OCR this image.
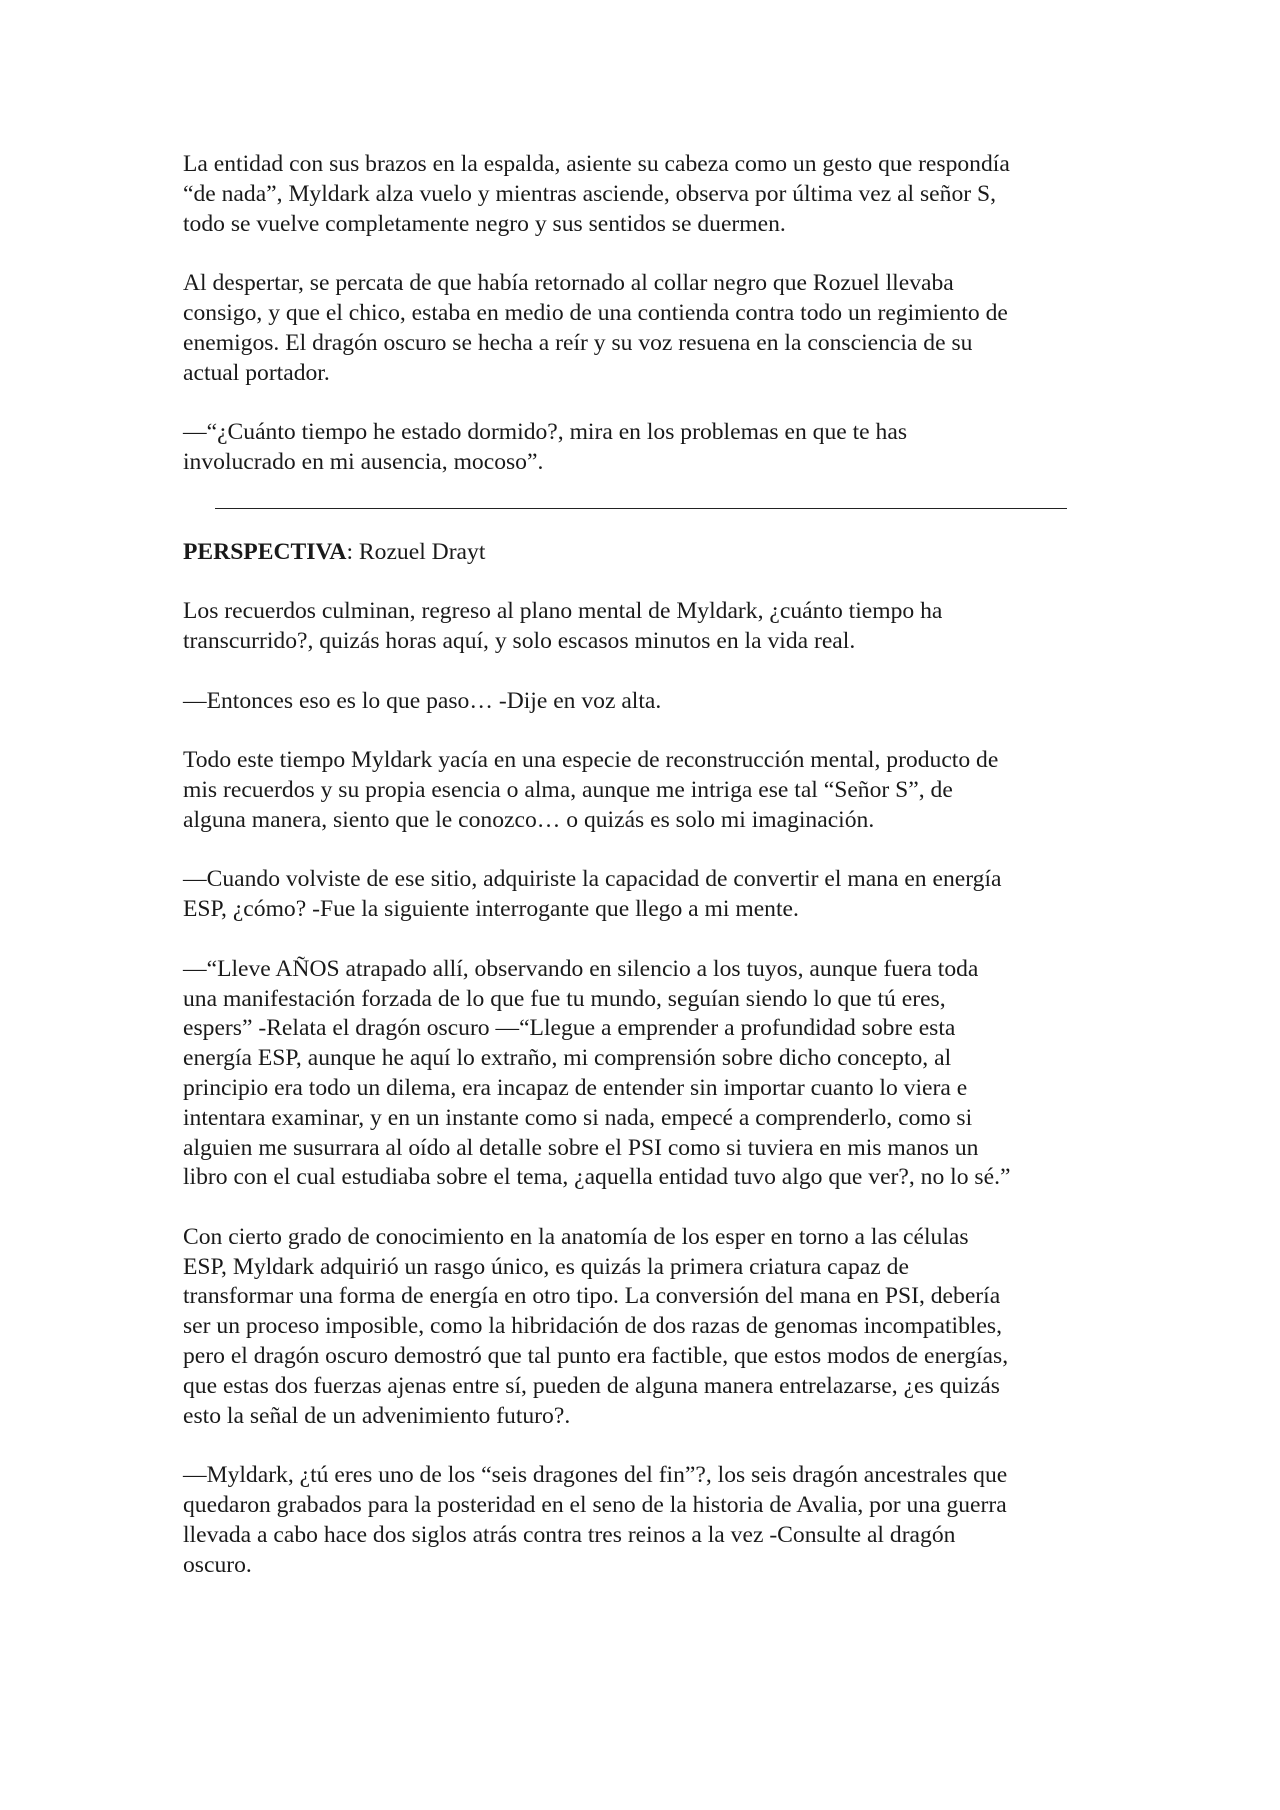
La entidad con sus brazos en la espalda, asiente su cabeza como un gesto que respondía
“de nada”, Myldark alza vuelo y mientras asciende, observa por última vez al señor S,
todo se vuelve completamente negro y sus sentidos se duermen.

Al despertar, se percata de que había retornado al collar negro que Rozuel llevaba
consigo, y que el chico, estaba en medio de una contienda contra todo un regimiento de
enemigos. El dragón oscuro se hecha a reír y su voz resuena en la consciencia de su
actual portador.

—“¿Cuánto tiempo he estado dormido?, mira en los problemas en que te has
involucrado en mi ausencia, mocoso”.

PERSPECTIVA: Rozuel Drayt

Los recuerdos culminan, regreso al plano mental de Myldark, ¿cuánto tiempo ha
transcurrido?, quizás horas aquí, y solo escasos minutos en la vida real.

—Entonces eso es lo que paso… -Dije en voz alta.

Todo este tiempo Myldark yacía en una especie de reconstrucción mental, producto de
mis recuerdos y su propia esencia o alma, aunque me intriga ese tal “Señor S”, de
alguna manera, siento que le conozco… o quizás es solo mi imaginación.

—Cuando volviste de ese sitio, adquiriste la capacidad de convertir el mana en energía
ESP, ¿cómo? -Fue la siguiente interrogante que llego a mi mente.

—“Lleve AÑOS atrapado allí, observando en silencio a los tuyos, aunque fuera toda
una manifestación forzada de lo que fue tu mundo, seguían siendo lo que tú eres,
espers” -Relata el dragón oscuro —“Llegue a emprender a profundidad sobre esta
energía ESP, aunque he aquí lo extraño, mi comprensión sobre dicho concepto, al
principio era todo un dilema, era incapaz de entender sin importar cuanto lo viera e
intentara examinar, y en un instante como si nada, empecé a comprenderlo, como si
alguien me susurrara al oído al detalle sobre el PSI como si tuviera en mis manos un
libro con el cual estudiaba sobre el tema, ¿aquella entidad tuvo algo que ver?, no lo sé.”

Con cierto grado de conocimiento en la anatomía de los esper en torno a las células
ESP, Myldark adquirió un rasgo único, es quizás la primera criatura capaz de
transformar una forma de energía en otro tipo. La conversión del mana en PSI, debería
ser un proceso imposible, como la hibridación de dos razas de genomas incompatibles,
pero el dragón oscuro demostró que tal punto era factible, que estos modos de energías,
que estas dos fuerzas ajenas entre sí, pueden de alguna manera entrelazarse, ¿es quizás
esto la señal de un advenimiento futuro?.

—Myldark, ¿tú eres uno de los “seis dragones del fin”?, los seis dragón ancestrales que
quedaron grabados para la posteridad en el seno de la historia de Avalia, por una guerra
llevada a cabo hace dos siglos atrás contra tres reinos a la vez -Consulte al dragón
oscuro.
